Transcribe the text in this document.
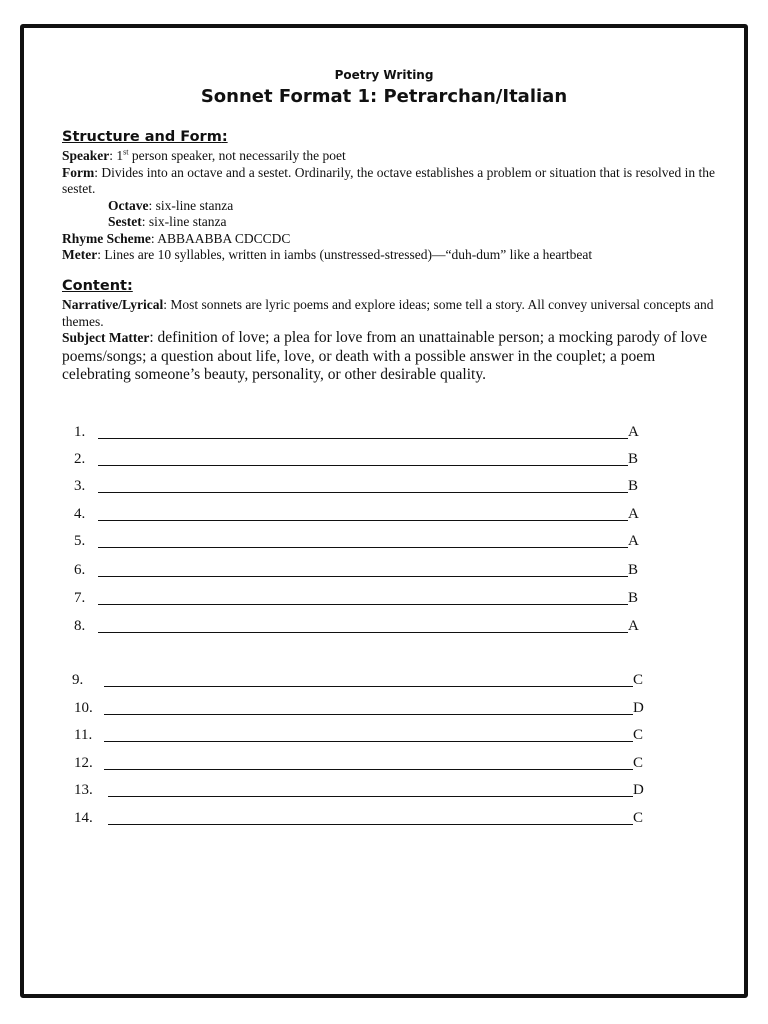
Poetry Writing
Sonnet Format 1: Petrarchan/Italian
Structure and Form:
Speaker: 1st person speaker, not necessarily the poet
Form: Divides into an octave and a sestet. Ordinarily, the octave establishes a problem or situation that is resolved in the sestet.
Octave: six-line stanza
Sestet: six-line stanza
Rhyme Scheme: ABBAABBA CDCCDC
Meter: Lines are 10 syllables, written in iambs (unstressed-stressed)—“duh-dum” like a heartbeat
Content:
Narrative/Lyrical: Most sonnets are lyric poems and explore ideas; some tell a story. All convey universal concepts and themes.
Subject Matter: definition of love; a plea for love from an unattainable person; a mocking parody of love poems/songs; a question about life, love, or death with a possible answer in the couplet; a poem celebrating someone’s beauty, personality, or other desirable quality.
1.	A
2.	B
3.	B
4.	A
5.	A
6.	B
7.	B
8.	A
9.	C
10.	D
11.	C
12.	C
13.	D
14.	C
